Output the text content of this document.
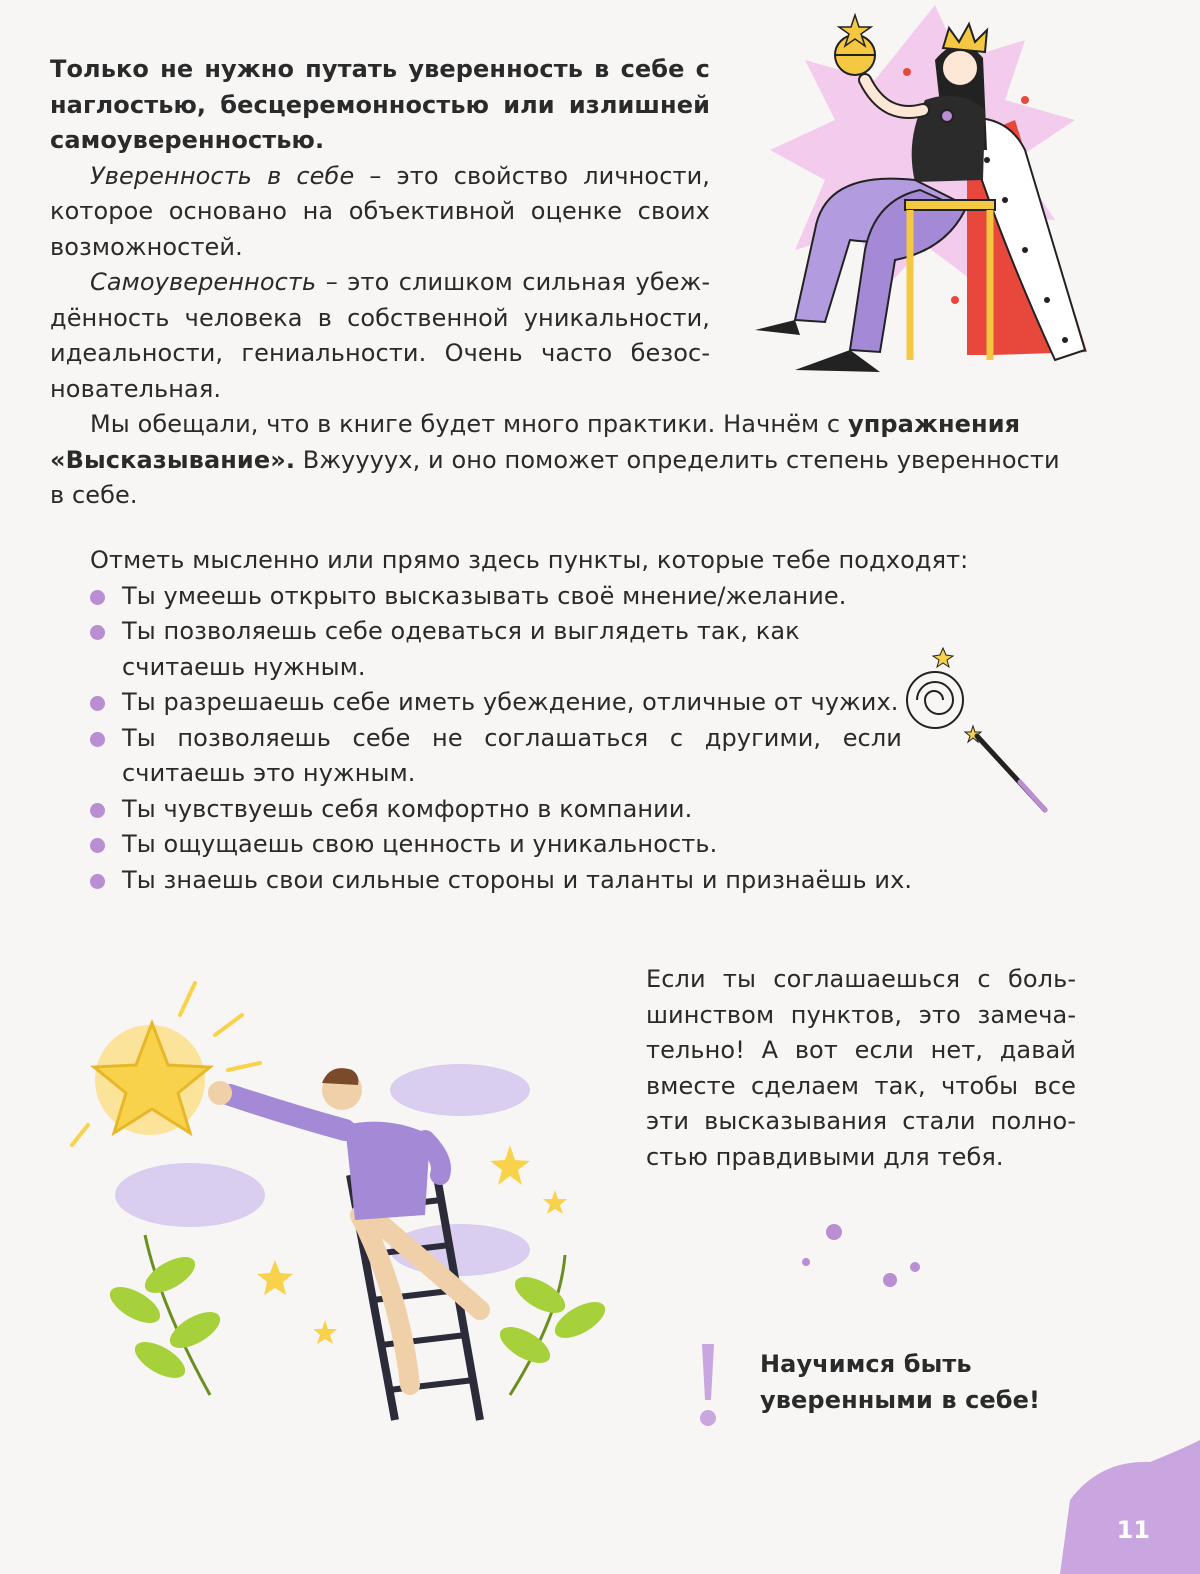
Только не нужно путать уверенность в себе с наглостью, бесцеремонностью или излишней самоуверенностью.

Уверенность в себе – это свойство личности, которое основано на объективной оценке своих возможностей.

Самоуверенность – это слишком сильная убеждённость человека в собственной уникальности, идеальности, гениальности. Очень часто безосновательная.

Мы обещали, что в книге будет много практики. Начнём с упражнения «Высказывание». Вжуууух, и оно поможет определить степень уверенности в себе.

Отметь мысленно или прямо здесь пункты, которые тебе подходят:

Ты умеешь открыто высказывать своё мнение/желание.
Ты позволяешь себе одеваться и выглядеть так, как считаешь нужным.
Ты разрешаешь себе иметь убеждение, отличные от чужих.
Ты позволяешь себе не соглашаться с другими, если считаешь это нужным.
Ты чувствуешь себя комфортно в компании.
Ты ощущаешь свою ценность и уникальность.
Ты знаешь свои сильные стороны и таланты и признаёшь их.
Если ты соглашаешься с большинством пунктов, это замечательно! А вот если нет, давай вместе сделаем так, чтобы все эти высказывания стали полностью правдивыми для тебя.
Научимся быть уверенными в себе!
11
